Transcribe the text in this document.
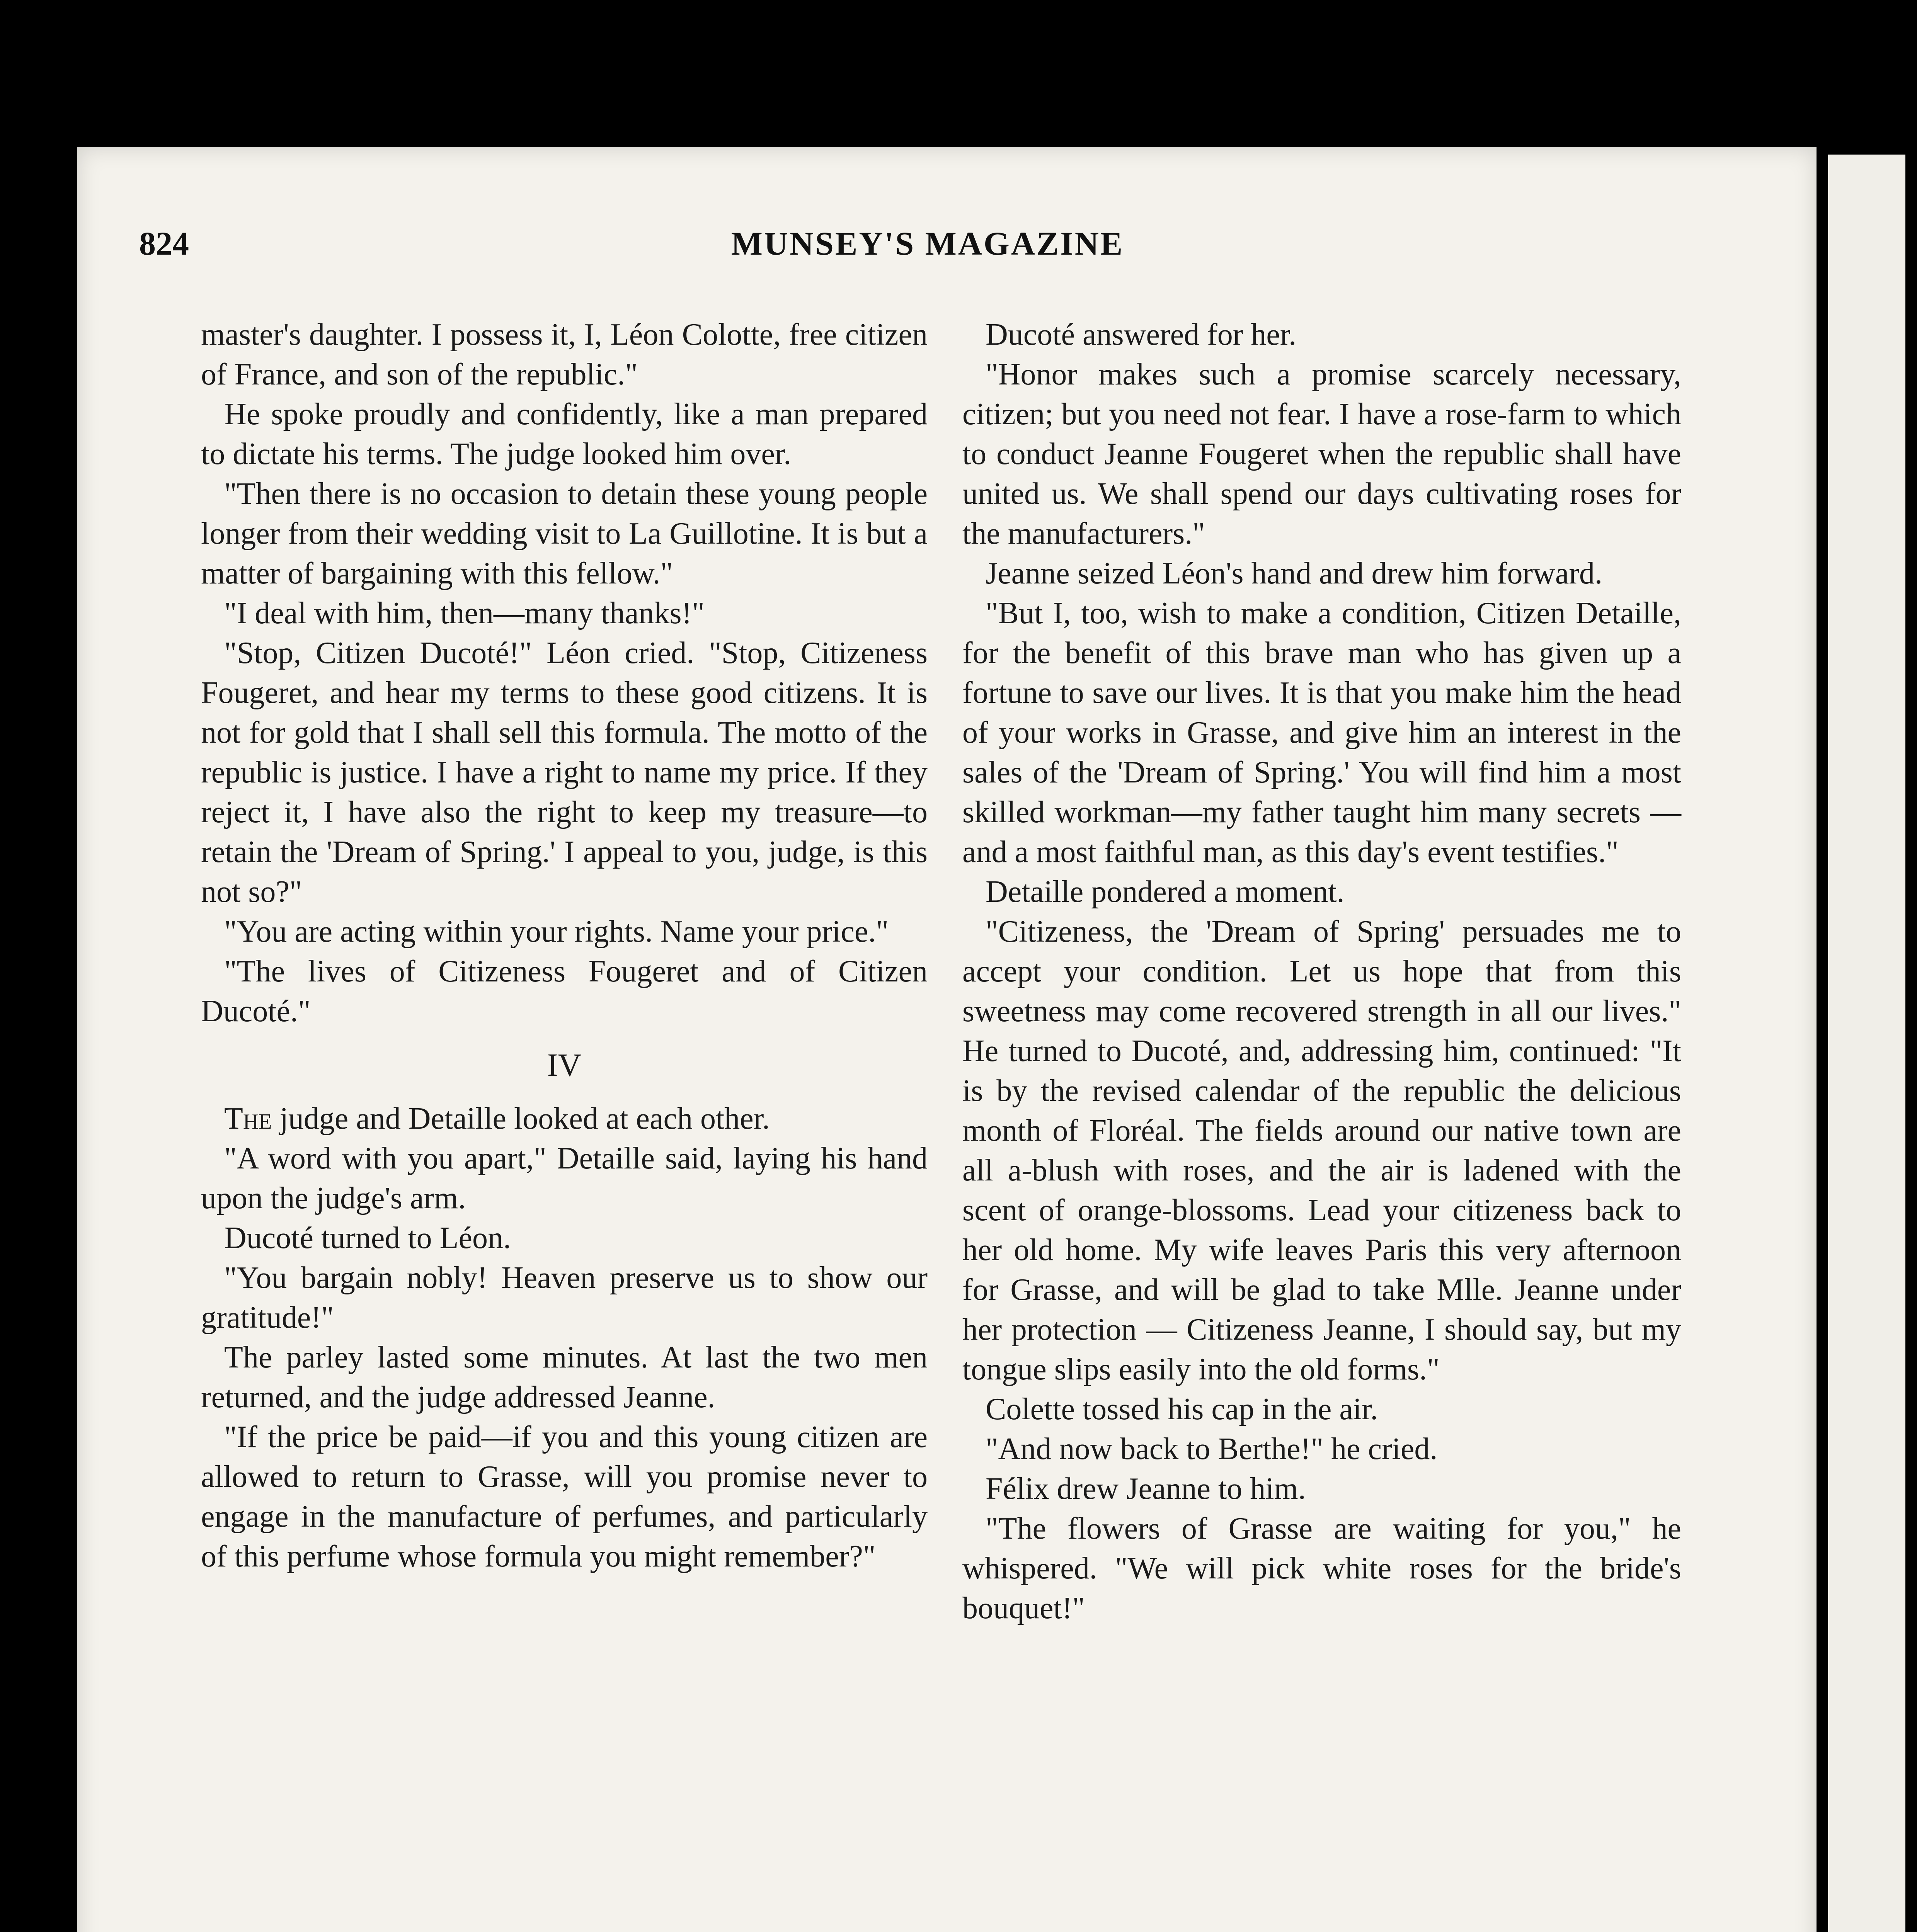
824	MUNSEY'S MAGAZINE

master's daughter. I possess it, I, Léon Colotte, free citizen of France, and son of the republic."

He spoke proudly and confidently, like a man prepared to dictate his terms. The judge looked him over.

"Then there is no occasion to detain these young people longer from their wedding visit to La Guillotine. It is but a matter of bargaining with this fellow."

"I deal with him, then—many thanks!"

"Stop, Citizen Ducoté!" Léon cried. "Stop, Citizeness Fougeret, and hear my terms to these good citizens. It is not for gold that I shall sell this formula. The motto of the republic is justice. I have a right to name my price. If they reject it, I have also the right to keep my treasure—to retain the 'Dream of Spring.' I appeal to you, judge, is this not so?"

"You are acting within your rights. Name your price."

"The lives of Citizeness Fougeret and of Citizen Ducoté."

IV

The judge and Detaille looked at each other.

"A word with you apart," Detaille said, laying his hand upon the judge's arm.

Ducoté turned to Léon.

"You bargain nobly! Heaven preserve us to show our gratitude!"

The parley lasted some minutes. At last the two men returned, and the judge addressed Jeanne.

"If the price be paid—if you and this young citizen are allowed to return to Grasse, will you promise never to engage in the manufacture of perfumes, and particularly of this perfume whose formula you might remember?"

Ducoté answered for her.

"Honor makes such a promise scarcely necessary, citizen; but you need not fear. I have a rose-farm to which to conduct Jeanne Fougeret when the republic shall have united us. We shall spend our days cultivating roses for the manufacturers."

Jeanne seized Léon's hand and drew him forward.

"But I, too, wish to make a condition, Citizen Detaille, for the benefit of this brave man who has given up a fortune to save our lives. It is that you make him the head of your works in Grasse, and give him an interest in the sales of the 'Dream of Spring.' You will find him a most skilled workman—my father taught him many secrets — and a most faithful man, as this day's event testifies."

Detaille pondered a moment.

"Citizeness, the 'Dream of Spring' persuades me to accept your condition. Let us hope that from this sweetness may come recovered strength in all our lives." He turned to Ducoté, and, addressing him, continued: "It is by the revised calendar of the republic the delicious month of Floréal. The fields around our native town are all a-blush with roses, and the air is ladened with the scent of orange-blossoms. Lead your citizeness back to her old home. My wife leaves Paris this very afternoon for Grasse, and will be glad to take Mlle. Jeanne under her protection — Citizeness Jeanne, I should say, but my tongue slips easily into the old forms."

Colette tossed his cap in the air.

"And now back to Berthe!" he cried.

Félix drew Jeanne to him.

"The flowers of Grasse are waiting for you," he whispered. "We will pick white roses for the bride's bouquet!"
